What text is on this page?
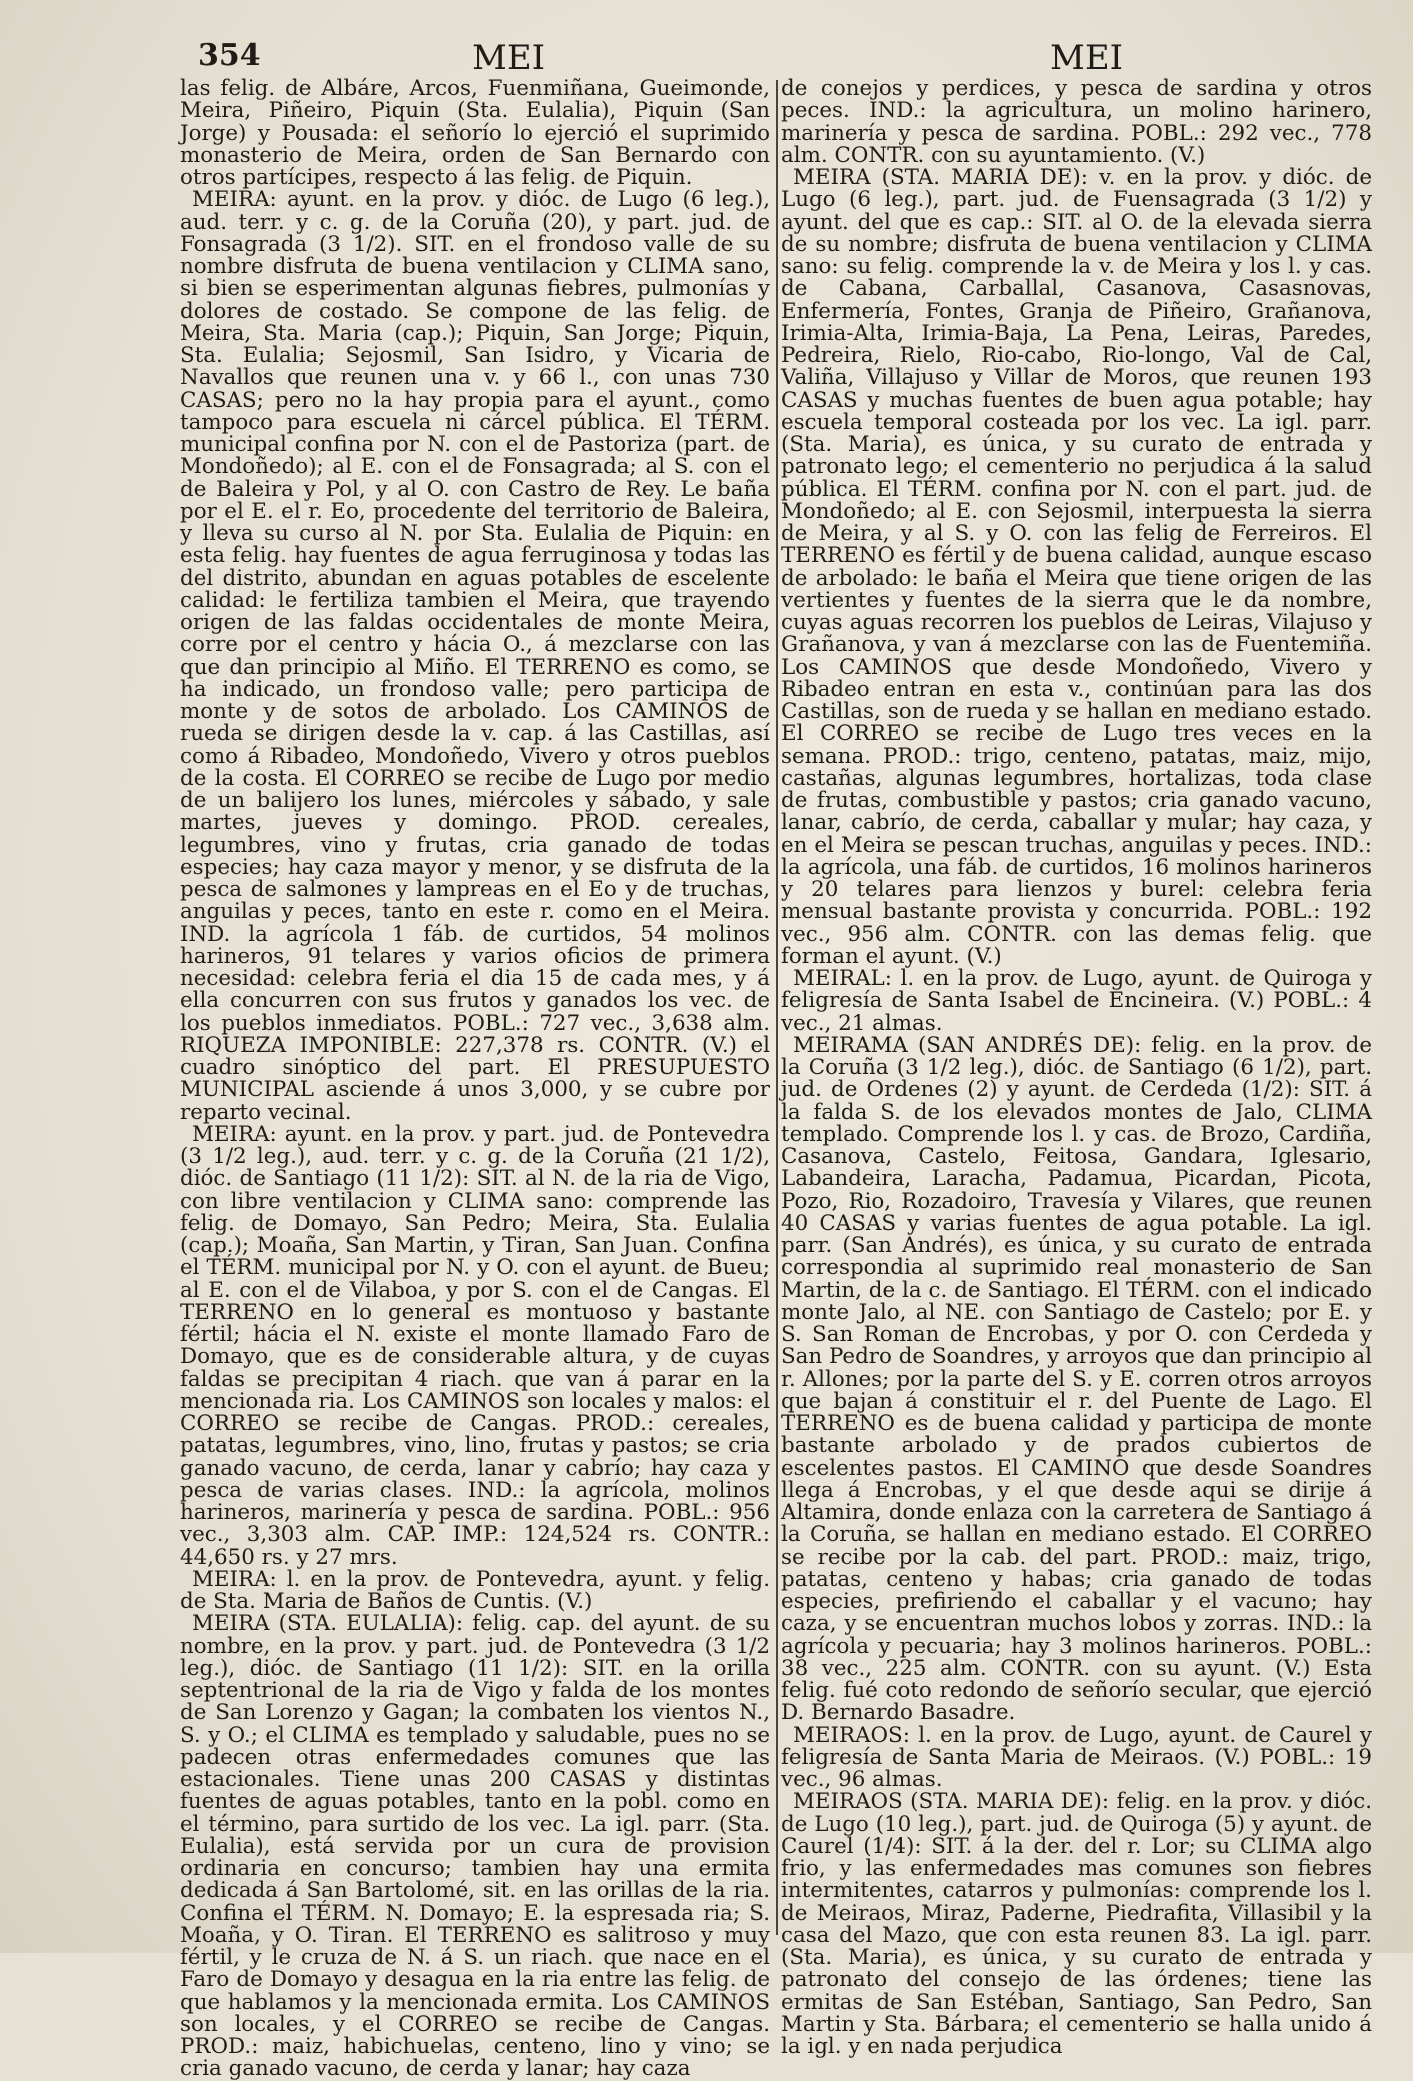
354	MEI	MEI

las felig. de Albáre, Arcos, Fuenmiñana, Gueimonde, Meira, Piñeiro, Piquin (Sta. Eulalia), Piquin (San Jorge) y Pousada: el señorío lo ejerció el suprimido monasterio de Meira, orden de San Bernardo con otros partícipes, respecto á las felig. de Piquin.

MEIRA: ayunt. en la prov. y dióc. de Lugo (6 leg.), aud. terr. y c. g. de la Coruña (20), y part. jud. de Fonsagrada (3 1/2). SIT. en el frondoso valle de su nombre disfruta de buena ventilacion y CLIMA sano, si bien se esperimentan algunas fiebres, pulmonías y dolores de costado. Se compone de las felig. de Meira, Sta. Maria (cap.); Piquin, San Jorge; Piquin, Sta. Eulalia; Sejosmil, San Isidro, y Vicaria de Navallos que reunen una v. y 66 l., con unas 730 CASAS; pero no la hay propia para el ayunt., como tampoco para escuela ni cárcel pública. El TÉRM. municipal confina por N. con el de Pastoriza (part. de Mondoñedo); al E. con el de Fonsagrada; al S. con el de Baleira y Pol, y al O. con Castro de Rey. Le baña por el E. el r. Eo, procedente del territorio de Baleira, y lleva su curso al N. por Sta. Eulalia de Piquin: en esta felig. hay fuentes de agua ferruginosa y todas las del distrito, abundan en aguas potables de escelente calidad: le fertiliza tambien el Meira, que trayendo origen de las faldas occidentales de monte Meira, corre por el centro y hácia O., á mezclarse con las que dan principio al Miño. El TERRENO es como, se ha indicado, un frondoso valle; pero participa de monte y de sotos de arbolado. Los CAMINOS de rueda se dirigen desde la v. cap. á las Castillas, así como á Ribadeo, Mondoñedo, Vivero y otros pueblos de la costa. El CORREO se recibe de Lugo por medio de un balijero los lunes, miércoles y sábado, y sale martes, jueves y domingo. PROD. cereales, legumbres, vino y frutas, cria ganado de todas especies; hay caza mayor y menor, y se disfruta de la pesca de salmones y lampreas en el Eo y de truchas, anguilas y peces, tanto en este r. como en el Meira. IND. la agrícola 1 fáb. de curtidos, 54 molinos harineros, 91 telares y varios oficios de primera necesidad: celebra feria el dia 15 de cada mes, y á ella concurren con sus frutos y ganados los vec. de los pueblos inmediatos. POBL.: 727 vec., 3,638 alm. RIQUEZA IMPONIBLE: 227,378 rs. CONTR. (V.) el cuadro sinóptico del part. El PRESUPUESTO MUNICIPAL asciende á unos 3,000, y se cubre por reparto vecinal.

MEIRA: ayunt. en la prov. y part. jud. de Pontevedra (3 1/2 leg.), aud. terr. y c. g. de la Coruña (21 1/2), dióc. de Santiago (11 1/2): SIT. al N. de la ria de Vigo, con libre ventilacion y CLIMA sano: comprende las felig. de Domayo, San Pedro; Meira, Sta. Eulalia (cap.); Moaña, San Martin, y Tiran, San Juan. Confina el TÉRM. municipal por N. y O. con el ayunt. de Bueu; al E. con el de Vilaboa, y por S. con el de Cangas. El TERRENO en lo general es montuoso y bastante fértil; hácia el N. existe el monte llamado Faro de Domayo, que es de considerable altura, y de cuyas faldas se precipitan 4 riach. que van á parar en la mencionada ria. Los CAMINOS son locales y malos: el CORREO se recibe de Cangas. PROD.: cereales, patatas, legumbres, vino, lino, frutas y pastos; se cria ganado vacuno, de cerda, lanar y cabrío; hay caza y pesca de varias clases. IND.: la agrícola, molinos harineros, marinería y pesca de sardina. POBL.: 956 vec., 3,303 alm. CAP. IMP.: 124,524 rs. CONTR.: 44,650 rs. y 27 mrs.

MEIRA: l. en la prov. de Pontevedra, ayunt. y felig. de Sta. Maria de Baños de Cuntis. (V.)

MEIRA (STA. EULALIA): felig. cap. del ayunt. de su nombre, en la prov. y part. jud. de Pontevedra (3 1/2 leg.), dióc. de Santiago (11 1/2): SIT. en la orilla septentrional de la ria de Vigo y falda de los montes de San Lorenzo y Gagan; la combaten los vientos N., S. y O.; el CLIMA es templado y saludable, pues no se padecen otras enfermedades comunes que las estacionales. Tiene unas 200 CASAS y distintas fuentes de aguas potables, tanto en la pobl. como en el término, para surtido de los vec. La igl. parr. (Sta. Eulalia), está servida por un cura de provision ordinaria en concurso; tambien hay una ermita dedicada á San Bartolomé, sit. en las orillas de la ria. Confina el TÉRM. N. Domayo; E. la espresada ria; S. Moaña, y O. Tiran. El TERRENO es salitroso y muy fértil, y le cruza de N. á S. un riach. que nace en el Faro de Domayo y desagua en la ria entre las felig. de que hablamos y la mencionada ermita. Los CAMINOS son locales, y el CORREO se recibe de Cangas. PROD.: maiz, habichuelas, centeno, lino y vino; se cria ganado vacuno, de cerda y lanar; hay caza

de conejos y perdices, y pesca de sardina y otros peces. IND.: la agricultura, un molino harinero, marinería y pesca de sardina. POBL.: 292 vec., 778 alm. CONTR. con su ayuntamiento. (V.)

MEIRA (STA. MARIA DE): v. en la prov. y dióc. de Lugo (6 leg.), part. jud. de Fuensagrada (3 1/2) y ayunt. del que es cap.: SIT. al O. de la elevada sierra de su nombre; disfruta de buena ventilacion y CLIMA sano: su felig. comprende la v. de Meira y los l. y cas. de Cabana, Carballal, Casanova, Casasnovas, Enfermería, Fontes, Granja de Piñeiro, Grañanova, Irimia-Alta, Irimia-Baja, La Pena, Leiras, Paredes, Pedreira, Rielo, Rio-cabo, Rio-longo, Val de Cal, Valiña, Villajuso y Villar de Moros, que reunen 193 CASAS y muchas fuentes de buen agua potable; hay escuela temporal costeada por los vec. La igl. parr. (Sta. Maria), es única, y su curato de entrada y patronato lego; el cementerio no perjudica á la salud pública. El TÉRM. confina por N. con el part. jud. de Mondoñedo; al E. con Sejosmil, interpuesta la sierra de Meira, y al S. y O. con las felig de Ferreiros. El TERRENO es fértil y de buena calidad, aunque escaso de arbolado: le baña el Meira que tiene origen de las vertientes y fuentes de la sierra que le da nombre, cuyas aguas recorren los pueblos de Leiras, Vilajuso y Grañanova, y van á mezclarse con las de Fuentemiña. Los CAMINOS que desde Mondoñedo, Vivero y Ribadeo entran en esta v., continúan para las dos Castillas, son de rueda y se hallan en mediano estado. El CORREO se recibe de Lugo tres veces en la semana. PROD.: trigo, centeno, patatas, maiz, mijo, castañas, algunas legumbres, hortalizas, toda clase de frutas, combustible y pastos; cria ganado vacuno, lanar, cabrío, de cerda, caballar y mular; hay caza, y en el Meira se pescan truchas, anguilas y peces. IND.: la agrícola, una fáb. de curtidos, 16 molinos harineros y 20 telares para lienzos y burel: celebra feria mensual bastante provista y concurrida. POBL.: 192 vec., 956 alm. CONTR. con las demas felig. que forman el ayunt. (V.)

MEIRAL: l. en la prov. de Lugo, ayunt. de Quiroga y feligresía de Santa Isabel de Encineira. (V.) POBL.: 4 vec., 21 almas.

MEIRAMA (SAN ANDRÉS DE): felig. en la prov. de la Coruña (3 1/2 leg.), dióc. de Santiago (6 1/2), part. jud. de Ordenes (2) y ayunt. de Cerdeda (1/2): SIT. á la falda S. de los elevados montes de Jalo, CLIMA templado. Comprende los l. y cas. de Brozo, Cardiña, Casanova, Castelo, Feitosa, Gandara, Iglesario, Labandeira, Laracha, Padamua, Picardan, Picota, Pozo, Rio, Rozadoiro, Travesía y Vilares, que reunen 40 CASAS y varias fuentes de agua potable. La igl. parr. (San Andrés), es única, y su curato de entrada correspondia al suprimido real monasterio de San Martin, de la c. de Santiago. El TÉRM. con el indicado monte Jalo, al NE. con Santiago de Castelo; por E. y S. San Roman de Encrobas, y por O. con Cerdeda y San Pedro de Soandres, y arroyos que dan principio al r. Allones; por la parte del S. y E. corren otros arroyos que bajan á constituir el r. del Puente de Lago. El TERRENO es de buena calidad y participa de monte bastante arbolado y de prados cubiertos de escelentes pastos. El CAMINO que desde Soandres llega á Encrobas, y el que desde aqui se dirije á Altamira, donde enlaza con la carretera de Santiago á la Coruña, se hallan en mediano estado. El CORREO se recibe por la cab. del part. PROD.: maiz, trigo, patatas, centeno y habas; cria ganado de todas especies, prefiriendo el caballar y el vacuno; hay caza, y se encuentran muchos lobos y zorras. IND.: la agrícola y pecuaria; hay 3 molinos harineros. POBL.: 38 vec., 225 alm. CONTR. con su ayunt. (V.) Esta felig. fué coto redondo de señorío secular, que ejerció D. Bernardo Basadre.

MEIRAOS: l. en la prov. de Lugo, ayunt. de Caurel y feligresía de Santa Maria de Meiraos. (V.) POBL.: 19 vec., 96 almas.

MEIRAOS (STA. MARIA DE): felig. en la prov. y dióc. de Lugo (10 leg.), part. jud. de Quiroga (5) y ayunt. de Caurel (1/4): SIT. á la der. del r. Lor; su CLIMA algo frio, y las enfermedades mas comunes son fiebres intermitentes, catarros y pulmonías: comprende los l. de Meiraos, Miraz, Paderne, Piedrafita, Villasibil y la casa del Mazo, que con esta reunen 83. La igl. parr. (Sta. Maria), es única, y su curato de entrada y patronato del consejo de las órdenes; tiene las ermitas de San Estéban, Santiago, San Pedro, San Martin y Sta. Bárbara; el cementerio se halla unido á la igl. y en nada perjudica
